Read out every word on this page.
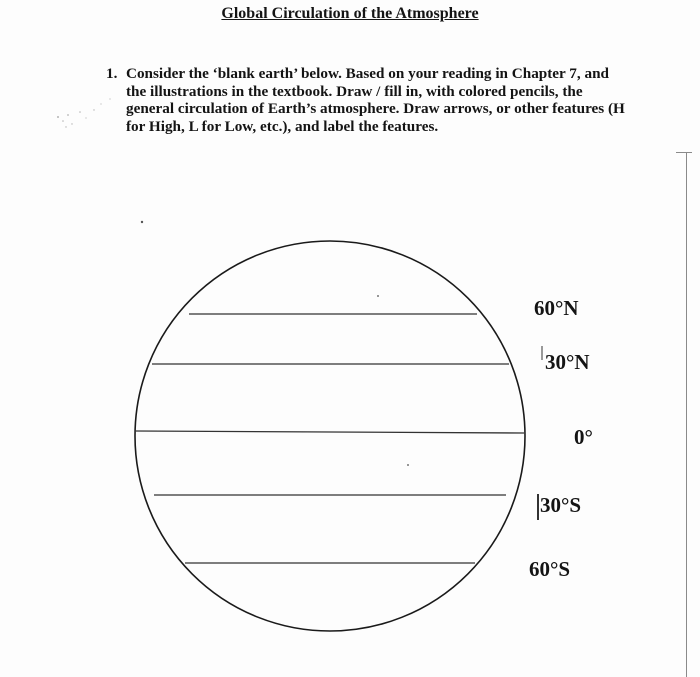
Global Circulation of the Atmosphere
1. Consider the ‘blank earth’ below. Based on your reading in Chapter 7, and
the illustrations in the textbook. Draw / fill in, with colored pencils, the
general circulation of Earth’s atmosphere. Draw arrows, or other features (H
for High, L for Low, etc.), and label the features.
60°N
30°N
0°
30°S
60°S
